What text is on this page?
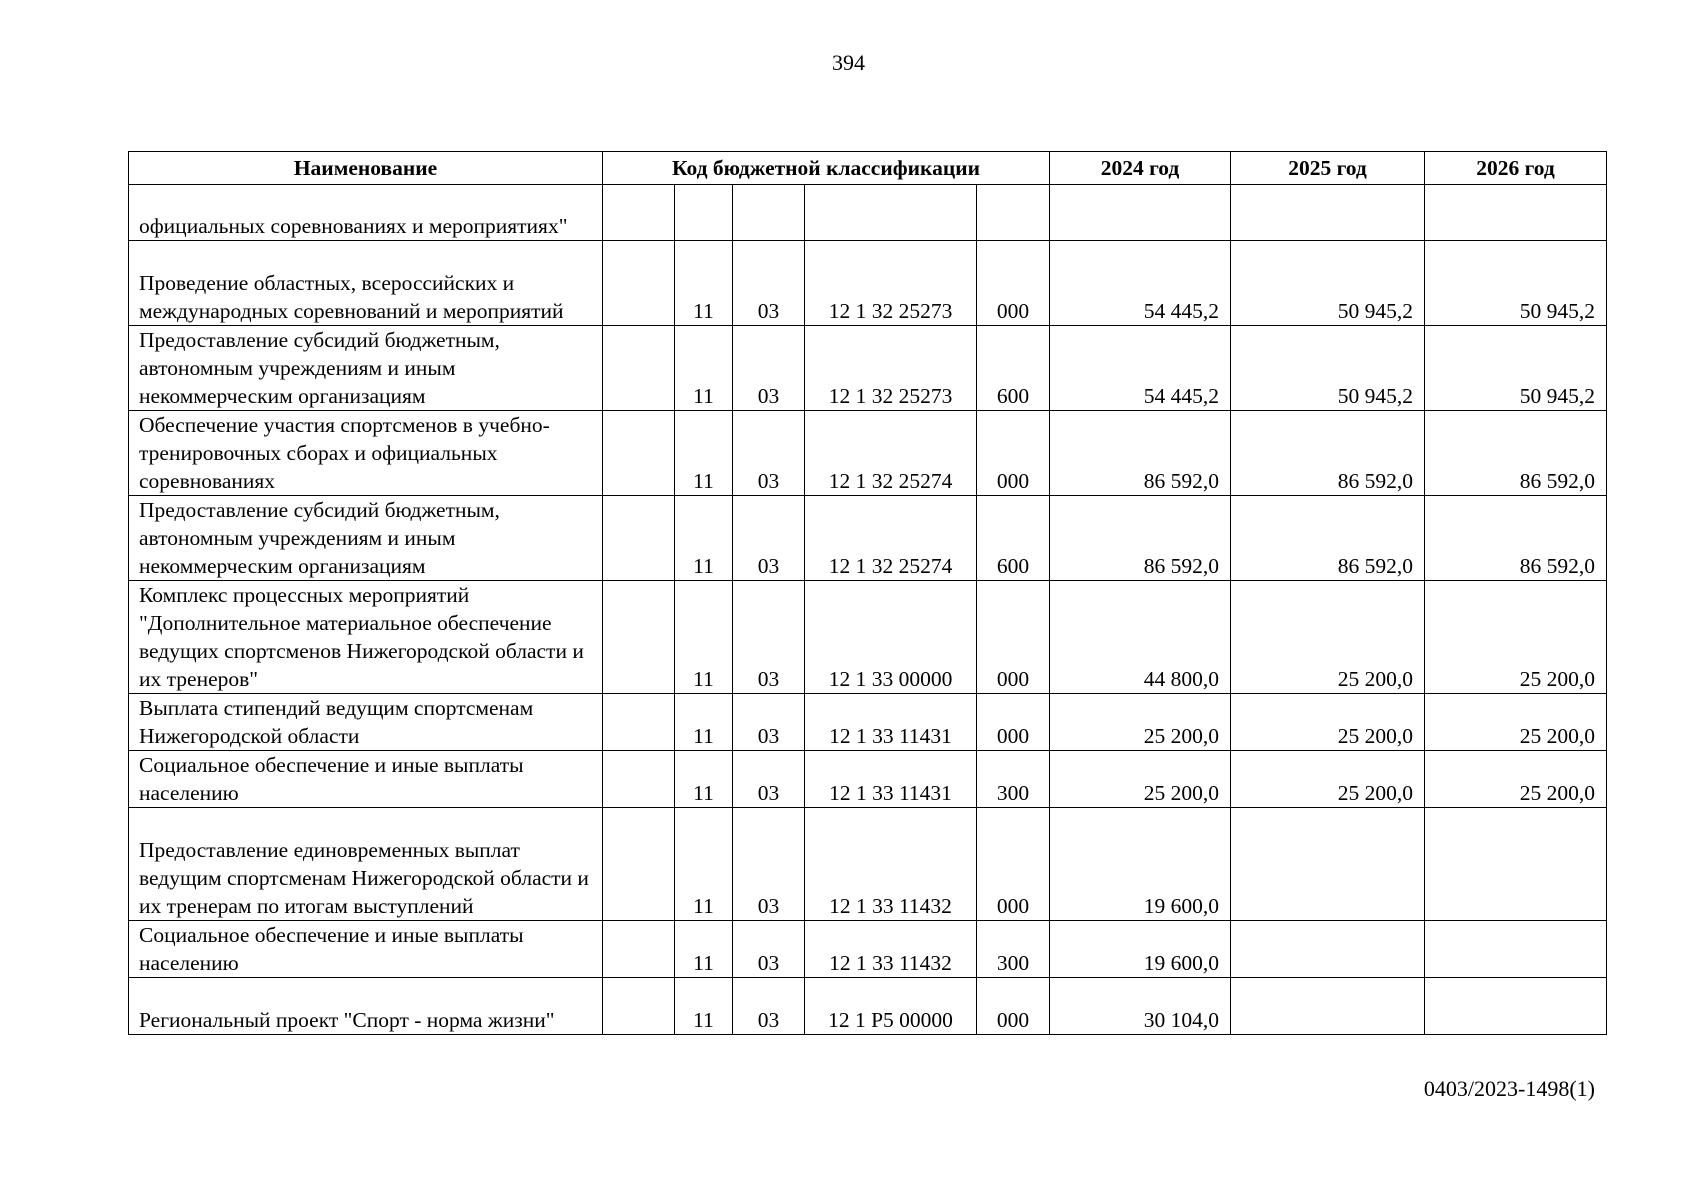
394
Наименование	Код бюджетной классификации					2024 год	2025 год	2026 год
официальных соревнованиях и мероприятиях"								
Проведение областных, всероссийских и международных соревнований и мероприятий		11	03	12 1 32 25273	000	54 445,2	50 945,2	50 945,2
Предоставление субсидий бюджетным, автономным учреждениям и иным некоммерческим организациям		11	03	12 1 32 25273	600	54 445,2	50 945,2	50 945,2
Обеспечение участия спортсменов в учебно-тренировочных сборах и официальных соревнованиях		11	03	12 1 32 25274	000	86 592,0	86 592,0	86 592,0
Предоставление субсидий бюджетным, автономным учреждениям и иным некоммерческим организациям		11	03	12 1 32 25274	600	86 592,0	86 592,0	86 592,0
Комплекс процессных мероприятий "Дополнительное материальное обеспечение ведущих спортсменов Нижегородской области и их тренеров"		11	03	12 1 33 00000	000	44 800,0	25 200,0	25 200,0
Выплата стипендий ведущим спортсменам Нижегородской области		11	03	12 1 33 11431	000	25 200,0	25 200,0	25 200,0
Социальное обеспечение и иные выплаты населению		11	03	12 1 33 11431	300	25 200,0	25 200,0	25 200,0
Предоставление единовременных выплат ведущим спортсменам Нижегородской области и их тренерам по итогам выступлений		11	03	12 1 33 11432	000	19 600,0		
Социальное обеспечение и иные выплаты населению		11	03	12 1 33 11432	300	19 600,0		
Региональный проект "Спорт - норма жизни"		11	03	12 1 Р5 00000	000	30 104,0		
0403/2023-1498(1)
